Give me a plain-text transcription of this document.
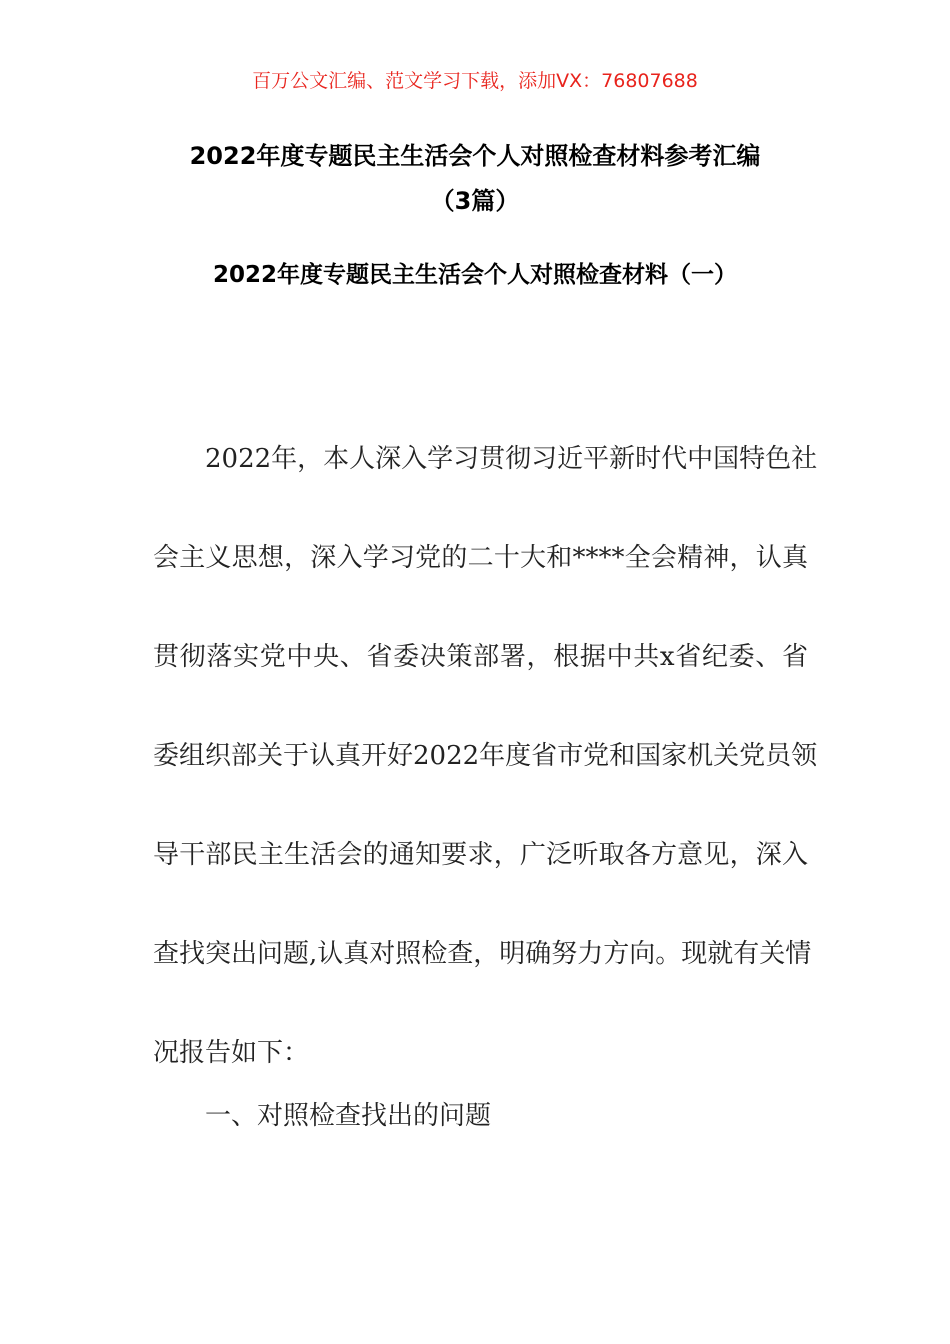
百万公文汇编、范文学习下载，添加VX：76807688
2022年度专题民主生活会个人对照检查材料参考汇编
（3篇）
2022年度专题民主生活会个人对照检查材料（一）
2022年，本人深入学习贯彻习近平新时代中国特色社
会主义思想，深入学习党的二十大和****全会精神，认真
贯彻落实党中央、省委决策部署，根据中共x省纪委、省
委组织部关于认真开好2022年度省市党和国家机关党员领
导干部民主生活会的通知要求，广泛听取各方意见，深入
查找突出问题,认真对照检查，明确努力方向。现就有关情
况报告如下：
一、对照检查找出的问题
